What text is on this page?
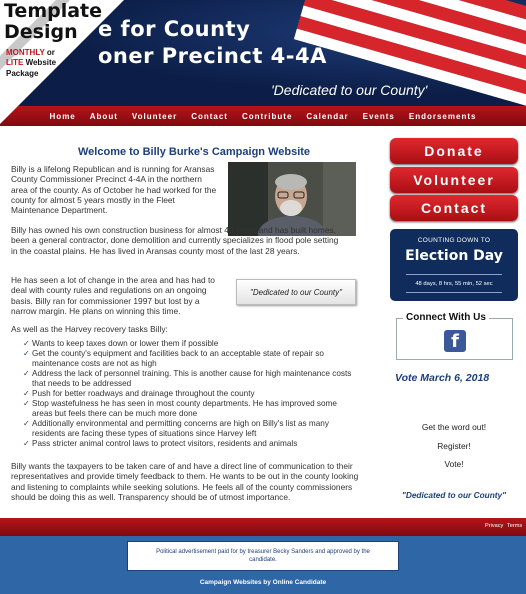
e for County
oner Precinct 4-4A
'Dedicated to our County'
Template
Design
MONTHLY or
LITE Website
Package
Home	About	Volunteer	Contact	Contribute	Calendar	Events	Endorsements
Welcome to Billy Burke's Campaign Website
Billy is a lifelong Republican and is running for Aransas County Commissioner Precinct 4-4A in the northern area of the county. As of October he had worked for the county for almost 5 years mostly in the Fleet Maintenance Department.
Billy has owned his own construction business for almost 40 years and has built homes, been a general contractor, done demolition and currently specializes in flood pole setting in the coastal plains. He has lived in Aransas county most of the last 28 years.
He has seen a lot of change in the area and has had to deal with county rules and regulations on an ongoing basis. Billy ran for commissioner 1997 but lost by a narrow margin. He plans on winning this time.
"Dedicated to our County"
As well as the Harvey recovery tasks Billy:
✓ Wants to keep taxes down or lower them if possible
✓ Get the county's equipment and facilities back to an acceptable state of repair so maintenance costs are not as high
✓ Address the lack of personnel training. This is another cause for high maintenance costs that needs to be addressed
✓ Push for better roadways and drainage throughout the county
✓ Stop wastefulness he has seen in most county departments. He has improved some areas but feels there can be much more done
✓ Additionally environmental and permitting concerns are high on Billy's list as many residents are facing these types of situations since Harvey left
✓ Pass stricter animal control laws to protect visitors, residents and animals
Billy wants the taxpayers to be taken care of and have a direct line of communication to their representatives and provide timely feedback to them. He wants to be out in the county looking and listening to complaints while seeking solutions. He feels all of the county commissioners should be doing this as well. Transparency should be of utmost importance.
Donate
Volunteer
Contact
COUNTING DOWN TO
Election Day
48 days, 8 hrs, 55 min, 52 sec
Connect With Us
f
Vote March 6, 2018
Get the word out!
Register!
Vote!
"Dedicated to our County"
Privacy Terms
Political advertisement paid for by treasurer Becky Sanders and approved by the candidate.
Campaign Websites by Online Candidate
